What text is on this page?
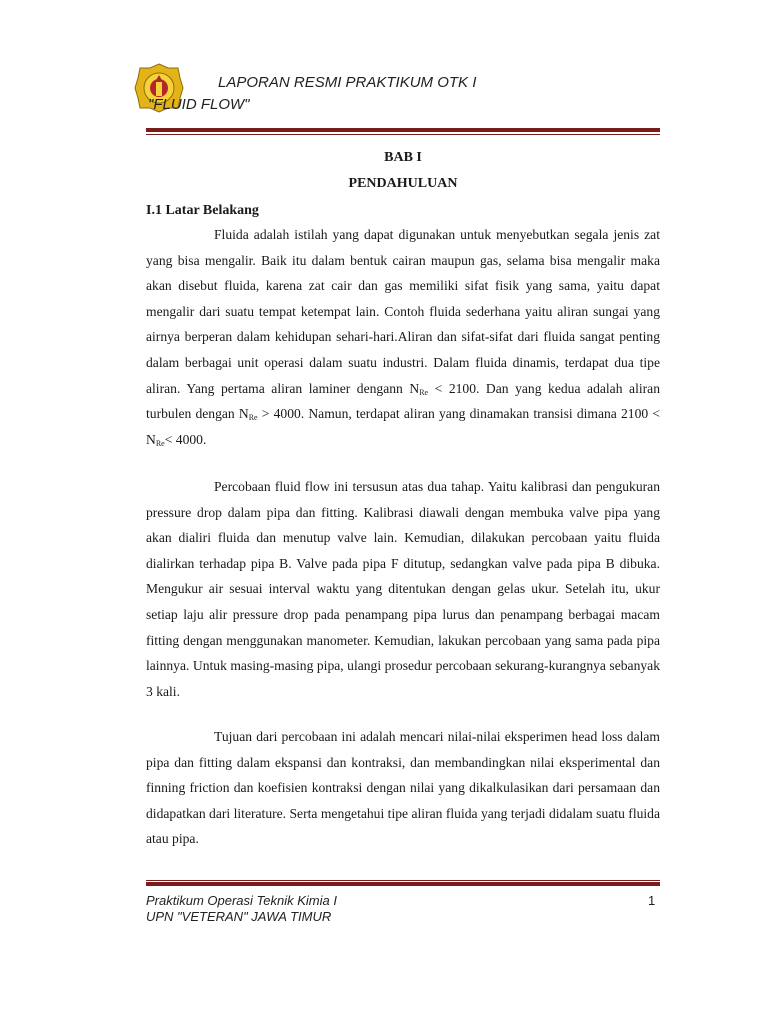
LAPORAN RESMI PRAKTIKUM OTK I
"FLUID FLOW"
BAB I
PENDAHULUAN
I.1 Latar Belakang

Fluida adalah istilah yang dapat digunakan untuk menyebutkan segala jenis zat yang bisa mengalir. Baik itu dalam bentuk cairan maupun gas, selama bisa mengalir maka akan disebut fluida, karena zat cair dan gas memiliki sifat fisik yang sama, yaitu dapat mengalir dari suatu tempat ketempat lain. Contoh fluida sederhana yaitu aliran sungai yang airnya berperan dalam kehidupan sehari-hari.Aliran dan sifat-sifat dari fluida sangat penting dalam berbagai unit operasi dalam suatu industri. Dalam fluida dinamis, terdapat dua tipe aliran. Yang pertama aliran laminer dengann $N_{Re} < 2100$. Dan yang kedua adalah aliran turbulen dengan $N_{Re} > 4000$. Namun, terdapat aliran yang dinamakan transisi dimana $2100 < N_{Re}< 4000$.

Percobaan fluid flow ini tersusun atas dua tahap. Yaitu kalibrasi dan pengukuran pressure drop dalam pipa dan fitting. Kalibrasi diawali dengan membuka valve pipa yang akan dialiri fluida dan menutup valve lain. Kemudian, dilakukan percobaan yaitu fluida dialirkan terhadap pipa B. Valve pada pipa F ditutup, sedangkan valve pada pipa B dibuka. Mengukur air sesuai interval waktu yang ditentukan dengan gelas ukur. Setelah itu, ukur setiap laju alir pressure drop pada penampang pipa lurus dan penampang berbagai macam fitting dengan menggunakan manometer. Kemudian, lakukan percobaan yang sama pada pipa lainnya. Untuk masing-masing pipa, ulangi prosedur percobaan sekurang-kurangnya sebanyak 3 kali.

Tujuan dari percobaan ini adalah mencari nilai-nilai eksperimen head loss dalam pipa dan fitting dalam ekspansi dan kontraksi, dan membandingkan nilai eksperimental dan finning friction dan koefisien kontraksi dengan nilai yang dikalkulasikan dari persamaan dan didapatkan dari literature. Serta mengetahui tipe aliran fluida yang terjadi didalam suatu fluida atau pipa.

Praktikum Operasi Teknik Kimia I
UPN "VETERAN" JAWA TIMUR
1
